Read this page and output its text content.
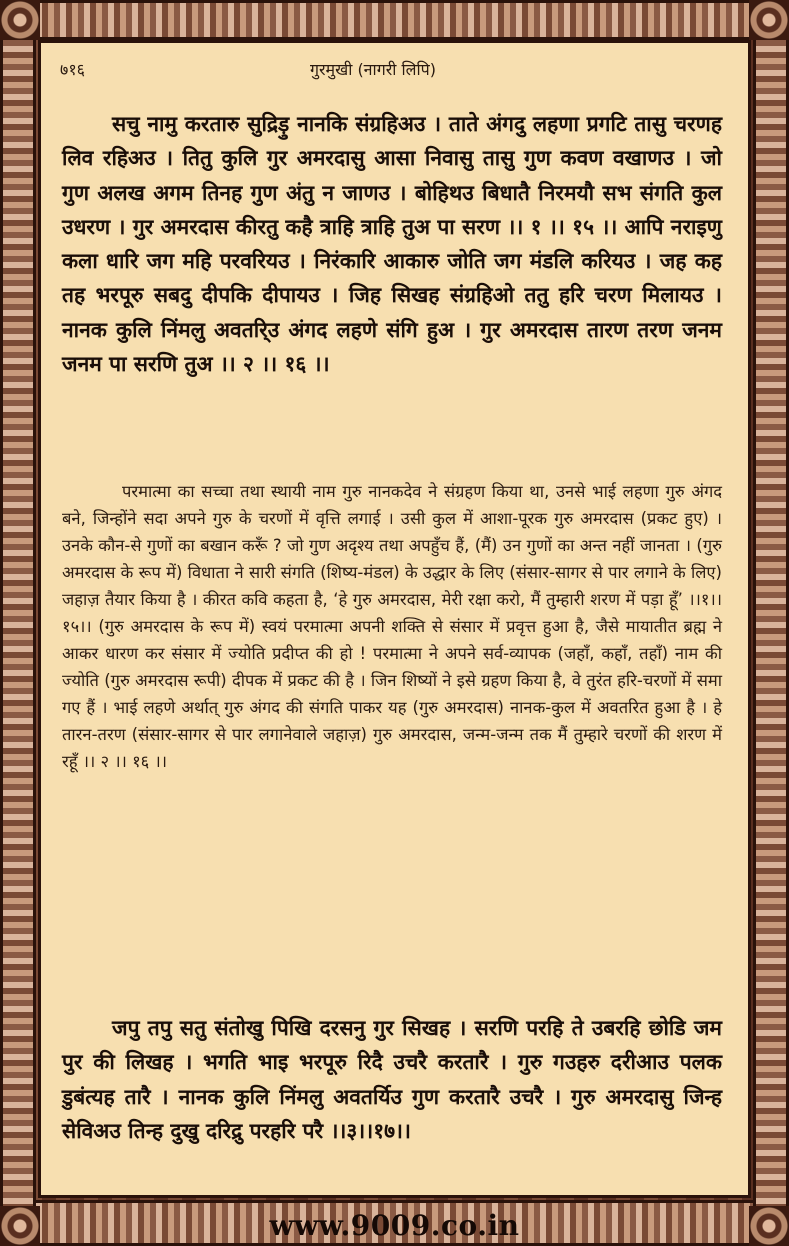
७१६	गुरमुखी (नागरी लिपि)
सचु नामु करतारु सुद्रिड़ु नानकि संग्रहिअउ । ताते अंगदु लहणा प्रगटि तासु चरणह लिव रहिअउ । तितु कुलि गुर अमरदासु आसा निवासु तासु गुण कवण वखाणउ । जो गुण अलख अगम तिनह गुण अंतु न जाणउ । बोहिथउ बिधातै निरमयौ सभ संगति कुल उधरण । गुर अमरदास कीरतु कहै त्राहि त्राहि तुअ पा सरण ।। १ ।। १५ ।। आपि नराइणु कला धारि जग महि परवरियउ । निरंकारि आकारु जोति जग मंडलि करियउ । जह कह तह भरपूरु सबदु दीपकि दीपायउ । जिह सिखह संग्रहिओ ततु हरि चरण मिलायउ । नानक कुलि निंमलु अवतरि्उ अंगद लहणे संगि हुअ । गुर अमरदास तारण तरण जनम जनम पा सरणि तुअ ।। २ ।। १६ ।।
परमात्मा का सच्चा तथा स्थायी नाम गुरु नानकदेव ने संग्रहण किया था, उनसे भाई लहणा गुरु अंगद बने, जिन्होंने सदा अपने गुरु के चरणों में वृत्ति लगाई । उसी कुल में आशा-पूरक गुरु अमरदास (प्रकट हुए) । उनके कौन-से गुणों का बखान करूँ ? जो गुण अदृश्य तथा अपहुँच हैं, (मैं) उन गुणों का अन्त नहीं जानता । (गुरु अमरदास के रूप में) विधाता ने सारी संगति (शिष्य-मंडल) के उद्धार के लिए (संसार-सागर से पार लगाने के लिए) जहाज़ तैयार किया है । कीरत कवि कहता है, ‘हे गुरु अमरदास, मेरी रक्षा करो, मैं तुम्हारी शरण में पड़ा हूँ’ ।।१।।१५।। (गुरु अमरदास के रूप में) स्वयं परमात्मा अपनी शक्ति से संसार में प्रवृत्त हुआ है, जैसे मायातीत ब्रह्म ने आकर धारण कर संसार में ज्योति प्रदीप्त की हो ! परमात्मा ने अपने सर्व-व्यापक (जहाँ, कहाँ, तहाँ) नाम की ज्योति (गुरु अमरदास रूपी) दीपक में प्रकट की है । जिन शिष्यों ने इसे ग्रहण किया है, वे तुरंत हरि-चरणों में समा गए हैं । भाई लहणे अर्थात् गुरु अंगद की संगति पाकर यह (गुरु अमरदास) नानक-कुल में अवतरित हुआ है । हे तारन-तरण (संसार-सागर से पार लगानेवाले जहाज़) गुरु अमरदास, जन्म-जन्म तक मैं तुम्हारे चरणों की शरण में रहूँ ।। २ ।। १६ ।।
जपु तपु सतु संतोखु पिखि दरसनु गुर सिखह । सरणि परहि ते उबरहि छोडि जम पुर की लिखह । भगति भाइ भरपूरु रिदै उचरै करतारै । गुरु गउहरु दरीआउ पलक डुबंत्यह तारै । नानक कुलि निंमलु अवतर्यिउ गुण करतारै उचरै । गुरु अमरदासु जिन्ह सेविअउ तिन्ह दुखु दरिद्रु परहरि परै ।।३।।१७।।
www.9009.co.in
